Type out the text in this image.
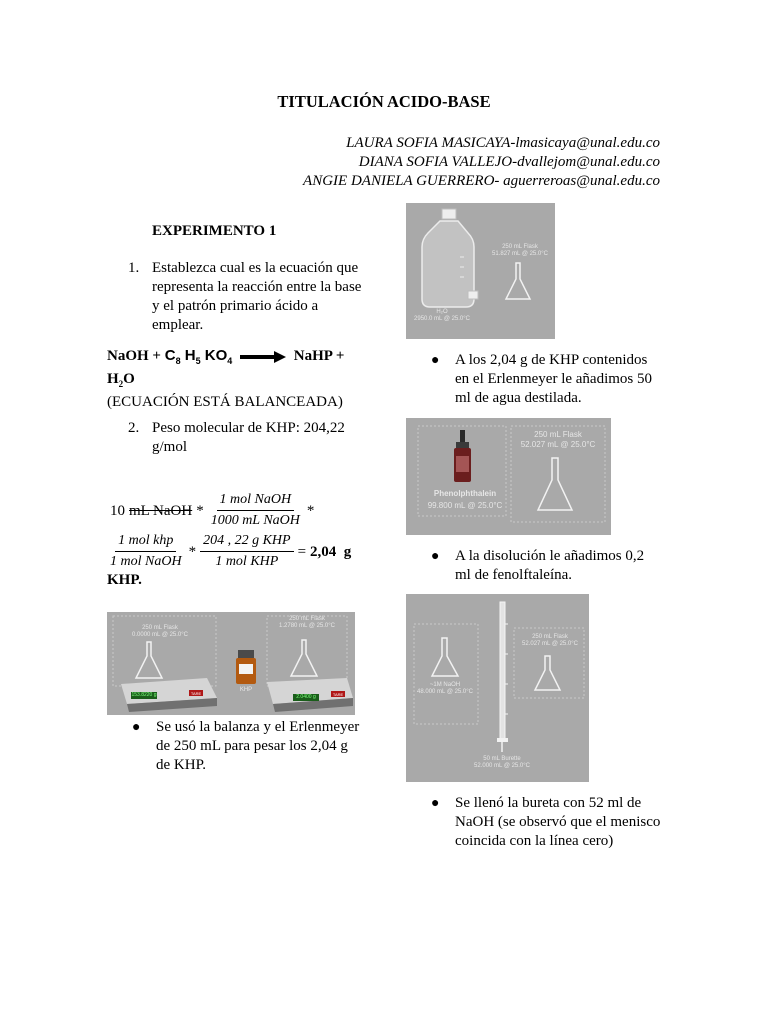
TITULACIÓN ACIDO-BASE
LAURA SOFIA MASICAYA-lmasicaya@unal.edu.co
DIANA SOFIA VALLEJO-dvallejom@unal.edu.co
ANGIE DANIELA GUERRERO- aguerreroas@unal.edu.co
EXPERIMENTO 1
1. Establezca cual es la ecuación que representa la reacción entre la base y el patrón primario ácido a emplear.
NaOH + $C_8$ $H_5$ $KO_4$ → NaHP +
$H_2O$
(ECUACIÓN ESTÁ BALANCEADA)
2. Peso molecular de KHP: 204,22 g/mol
10 mL NaOH * $\frac{\text{1 mol NaOH}}{\text{1000 mL NaOH}}$ *
$\frac{\text{1 mol khp}}{\text{1 mol NaOH}} * \frac{\text{204 , 22 g KHP}}{\text{1 mol KHP}} = 2,04$  g
KHP.
250 mL Flask
0.0000 mL @ 25.0°C
250 mL Flask
1.2780 mL @ 25.0°C
153.8220 g	TARE
2.0400 g	TARE
KHP
● Se usó la balanza y el Erlenmeyer de 250 mL para pesar los 2,04 g de KHP.
250 mL Flask
51.827 mL @ 25.0°C
H₂O
2950.0 mL @ 25.0°C
● A los 2,04 g de KHP contenidos en el Erlenmeyer le añadimos 50 ml de agua destilada.
250 mL Flask
52.027 mL @ 25.0°C
Phenolphthalein
99.800 mL @ 25.0°C
● A la disolución le añadimos 0,2 ml de fenolftaleína.
~1M NaOH
48.000 mL @ 25.0°C
250 mL Flask
52.027 mL @ 25.0°C
50 mL Burette
52.000 mL @ 25.0°C
● Se llenó la bureta con 52 ml de NaOH (se observó que el menisco coincida con la línea cero)
